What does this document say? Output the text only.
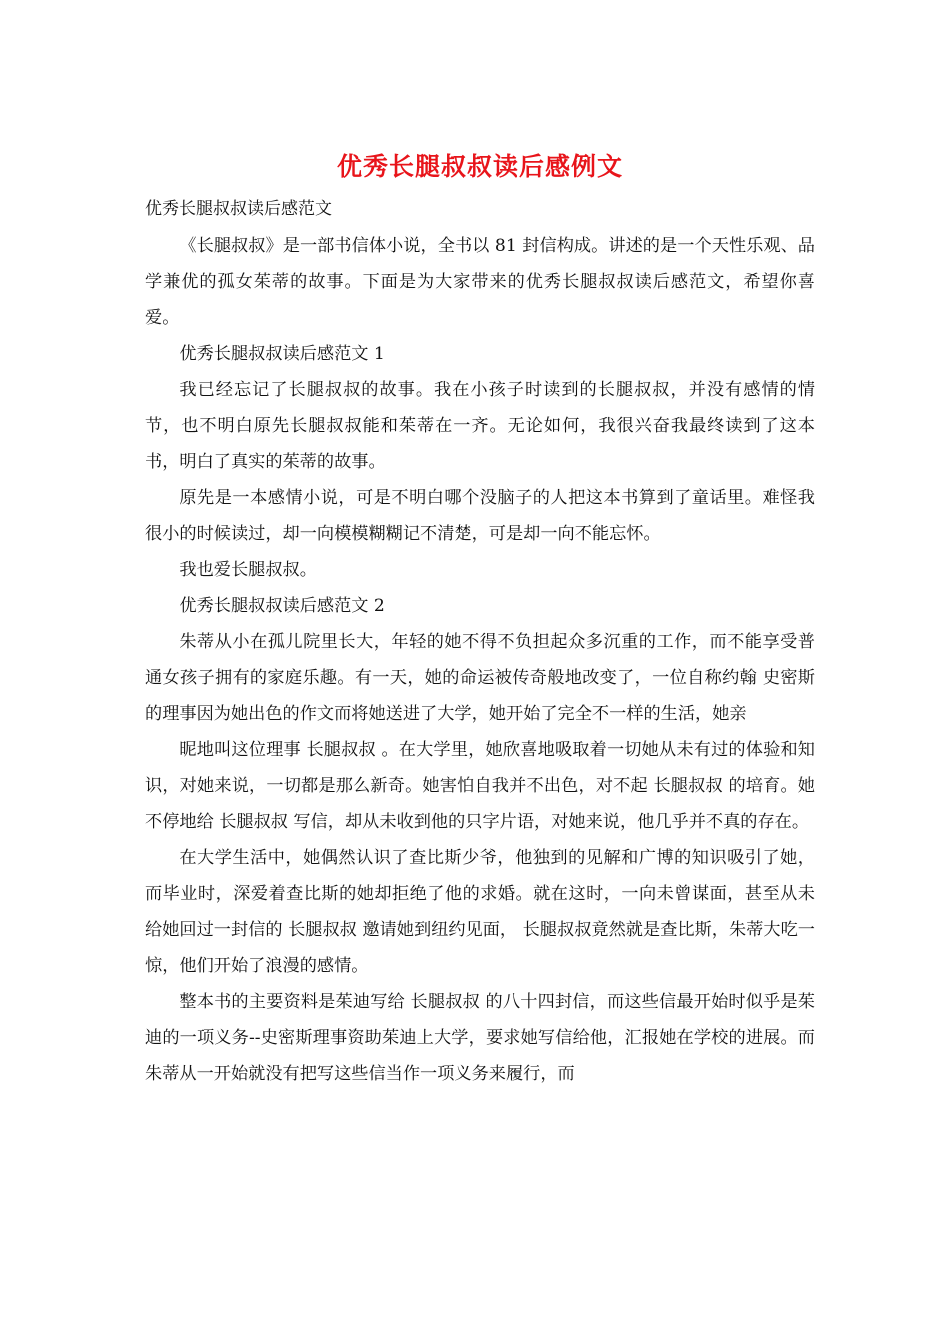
优秀长腿叔叔读后感例文
优秀长腿叔叔读后感范文

《长腿叔叔》是一部书信体小说，全书以 81 封信构成。讲述的是一个天性乐观、品学兼优的孤女茱蒂的故事。下面是为大家带来的优秀长腿叔叔读后感范文，希望你喜爱。

优秀长腿叔叔读后感范文 1

我已经忘记了长腿叔叔的故事。我在小孩子时读到的长腿叔叔，并没有感情的情节，也不明白原先长腿叔叔能和茱蒂在一齐。无论如何，我很兴奋我最终读到了这本书，明白了真实的茱蒂的故事。

原先是一本感情小说，可是不明白哪个没脑子的人把这本书算到了童话里。难怪我很小的时候读过，却一向模模糊糊记不清楚，可是却一向不能忘怀。

我也爱长腿叔叔。

优秀长腿叔叔读后感范文 2

朱蒂从小在孤儿院里长大，年轻的她不得不负担起众多沉重的工作，而不能享受普通女孩子拥有的家庭乐趣。有一天，她的命运被传奇般地改变了，一位自称约翰 史密斯的理事因为她出色的作文而将她送进了大学，她开始了完全不一样的生活，她亲

昵地叫这位理事 长腿叔叔 。在大学里，她欣喜地吸取着一切她从未有过的体验和知识，对她来说，一切都是那么新奇。她害怕自我并不出色，对不起 长腿叔叔 的培育。她不停地给 长腿叔叔 写信，却从未收到他的只字片语，对她来说，他几乎并不真的存在。

在大学生活中，她偶然认识了查比斯少爷，他独到的见解和广博的知识吸引了她，而毕业时，深爱着查比斯的她却拒绝了他的求婚。就在这时，一向未曾谋面，甚至从未给她回过一封信的 长腿叔叔 邀请她到纽约见面， 长腿叔叔竟然就是查比斯，朱蒂大吃一惊，他们开始了浪漫的感情。

整本书的主要资料是茱迪写给 长腿叔叔 的八十四封信，而这些信最开始时似乎是茱迪的一项义务--史密斯理事资助茱迪上大学，要求她写信给他，汇报她在学校的进展。而朱蒂从一开始就没有把写这些信当作一项义务来履行，而
